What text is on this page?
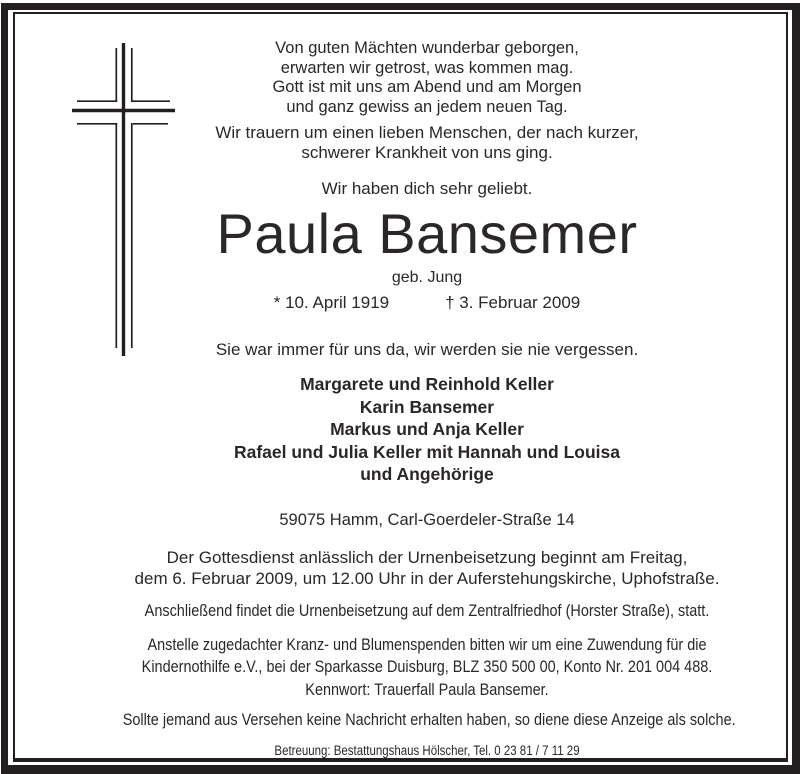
Von guten Mächten wunderbar geborgen,
erwarten wir getrost, was kommen mag.
Gott ist mit uns am Abend und am Morgen
und ganz gewiss an jedem neuen Tag.
Wir trauern um einen lieben Menschen, der nach kurzer,
schwerer Krankheit von uns ging.
Wir haben dich sehr geliebt.
Paula Bansemer
geb. Jung
* 10. April 1919	† 3. Februar 2009
Sie war immer für uns da, wir werden sie nie vergessen.
Margarete und Reinhold Keller
Karin Bansemer
Markus und Anja Keller
Rafael und Julia Keller mit Hannah und Louisa
und Angehörige
59075 Hamm, Carl-Goerdeler-Straße 14
Der Gottesdienst anlässlich der Urnenbeisetzung beginnt am Freitag,
dem 6. Februar 2009, um 12.00 Uhr in der Auferstehungskirche, Uphofstraße.
Anschließend findet die Urnenbeisetzung auf dem Zentralfriedhof (Horster Straße), statt.
Anstelle zugedachter Kranz- und Blumenspenden bitten wir um eine Zuwendung für die
Kindernothilfe e.V., bei der Sparkasse Duisburg, BLZ 350 500 00, Konto Nr. 201 004 488.
Kennwort: Trauerfall Paula Bansemer.
Sollte jemand aus Versehen keine Nachricht erhalten haben, so diene diese Anzeige als solche.
Betreuung: Bestattungshaus Hölscher, Tel. 0 23 81 / 7 11 29
